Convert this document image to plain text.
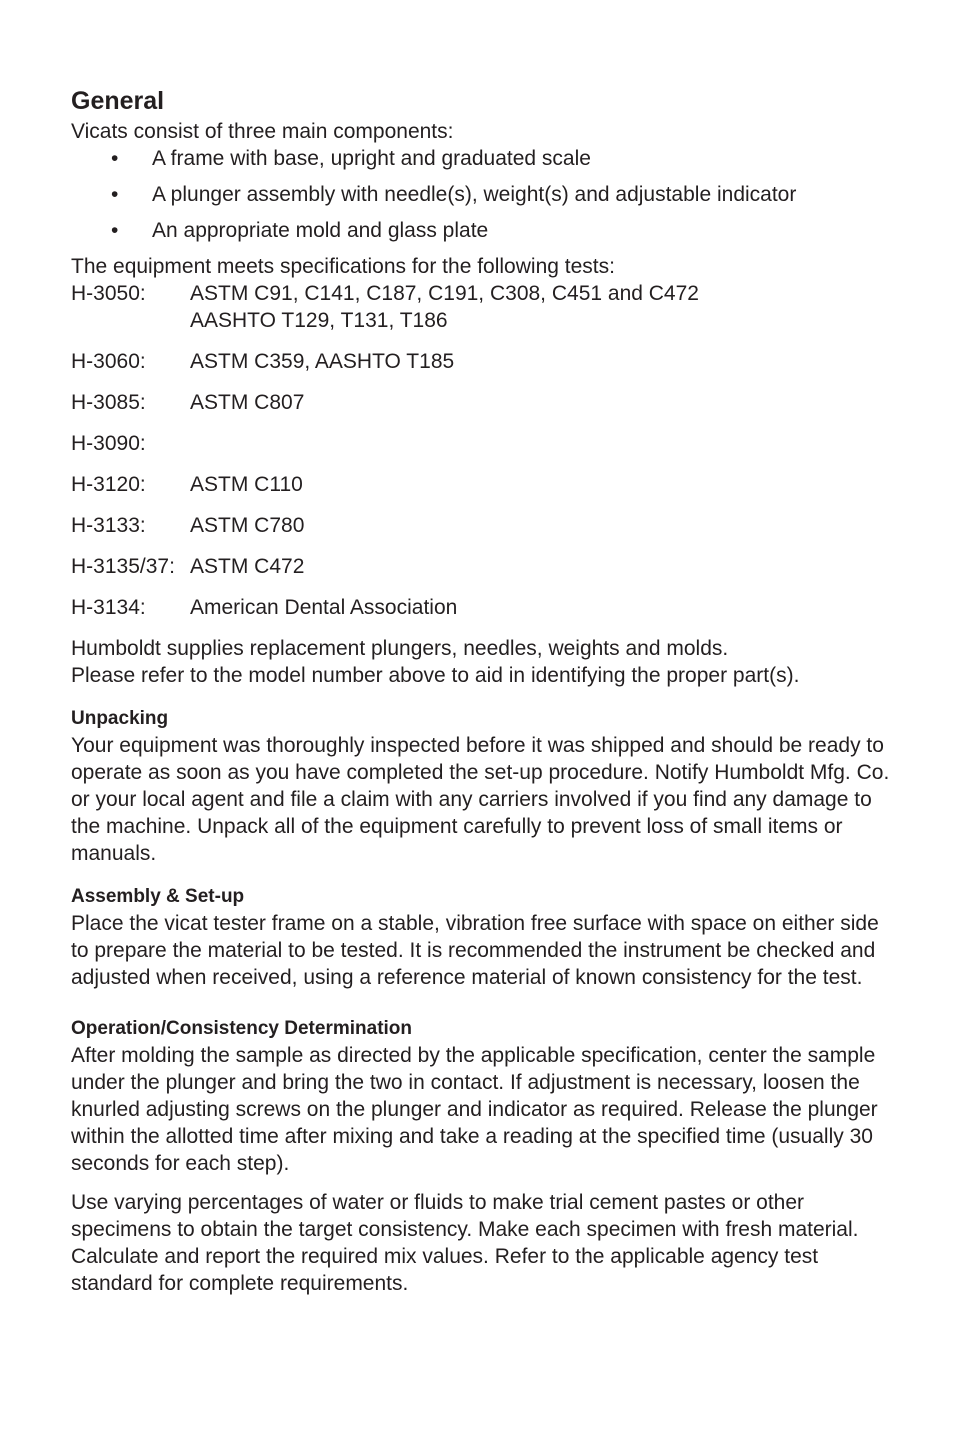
General

Vicats consist of three main components:

• A frame with base, upright and graduated scale
• A plunger assembly with needle(s), weight(s) and adjustable indicator
• An appropriate mold and glass plate

The equipment meets specifications for the following tests:

H-3050:	ASTM C91, C141, C187, C191, C308, C451 and C472
AASHTO T129, T131, T186
H-3060:	ASTM C359, AASHTO T185
H-3085:	ASTM C807
H-3090:
H-3120:	ASTM C110
H-3133:	ASTM C780
H-3135/37: ASTM C472
H-3134:	American Dental Association

Humboldt supplies replacement plungers, needles, weights and molds.

Please refer to the model number above to aid in identifying the proper part(s).

Unpacking

Your equipment was thoroughly inspected before it was shipped and should be ready to operate as soon as you have completed the set-up procedure. Notify Humboldt Mfg. Co. or your local agent and file a claim with any carriers involved if you find any damage to the machine. Unpack all of the equipment carefully to prevent loss of small items or manuals.

Assembly & Set-up

Place the vicat tester frame on a stable, vibration free surface with space on either side to prepare the material to be tested. It is recommended the instrument be checked and adjusted when received, using a reference material of known consistency for the test.

Operation/Consistency Determination

After molding the sample as directed by the applicable specification, center the sample under the plunger and bring the two in contact. If adjustment is necessary, loosen the knurled adjusting screws on the plunger and indicator as required. Release the plunger within the allotted time after mixing and take a reading at the specified time (usually 30 seconds for each step).

Use varying percentages of water or fluids to make trial cement pastes or other specimens to obtain the target consistency. Make each specimen with fresh material. Calculate and report the required mix values. Refer to the applicable agency test standard for complete requirements.
